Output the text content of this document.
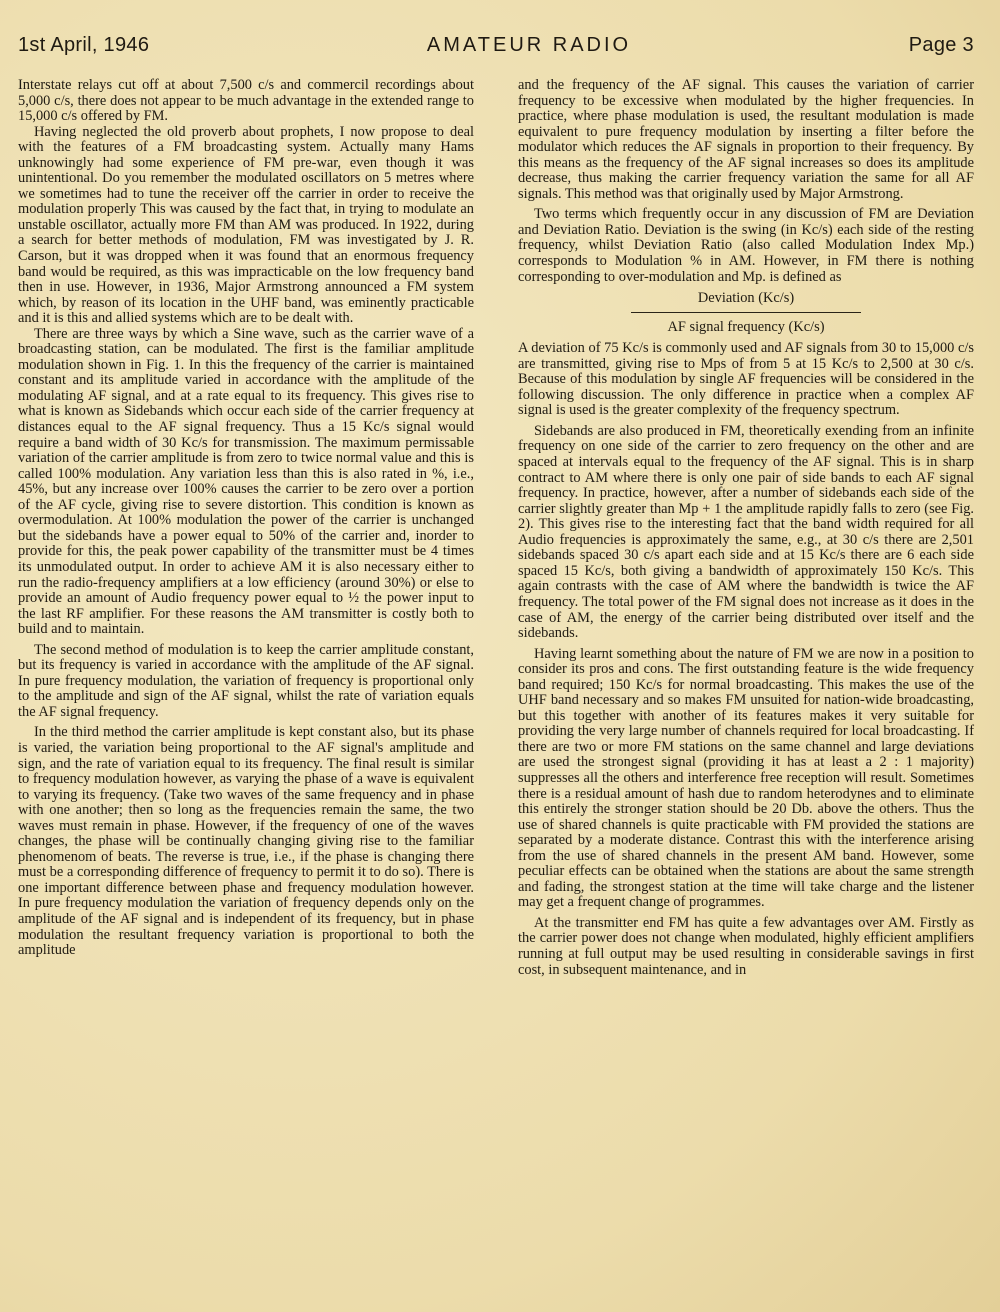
1st April, 1946	AMATEUR RADIO	Page 3

Interstate relays cut off at about 7,500 c/s and commercil recordings about 5,000 c/s, there does not appear to be much advantage in the extended range to 15,000 c/s offered by FM.

Having neglected the old proverb about prophets, I now propose to deal with the features of a FM broadcasting system. Actually many Hams unknowingly had some experience of FM pre-war, even though it was unintentional. Do you remember the modulated oscillators on 5 metres where we sometimes had to tune the receiver off the carrier in order to receive the modulation properly This was caused by the fact that, in trying to modulate an unstable oscillator, actually more FM than AM was produced. In 1922, during a search for better methods of modulation, FM was investigated by J. R. Carson, but it was dropped when it was found that an enormous frequency band would be required, as this was impracticable on the low frequency band then in use. However, in 1936, Major Armstrong announced a FM system which, by reason of its location in the UHF band, was eminently practicable and it is this and allied systems which are to be dealt with.

There are three ways by which a Sine wave, such as the carrier wave of a broadcasting station, can be modulated. The first is the familiar amplitude modulation shown in Fig. 1. In this the frequency of the carrier is maintained constant and its amplitude varied in accordance with the amplitude of the modulating AF signal, and at a rate equal to its frequency. This gives rise to what is known as Sidebands which occur each side of the carrier frequency at distances equal to the AF signal frequency. Thus a 15 Kc/s signal would require a band width of 30 Kc/s for transmission. The maximum permissable variation of the carrier amplitude is from zero to twice normal value and this is called 100% modulation. Any variation less than this is also rated in %, i.e., 45%, but any increase over 100% causes the carrier to be zero over a portion of the AF cycle, giving rise to severe distortion. This condition is known as overmodulation. At 100% modulation the power of the carrier is unchanged but the sidebands have a power equal to 50% of the carrier and, inorder to provide for this, the peak power capability of the transmitter must be 4 times its unmodulated output. In order to achieve AM it is also necessary either to run the radio-frequency amplifiers at a low efficiency (around 30%) or else to provide an amount of Audio frequency power equal to ½ the power input to the last RF amplifier. For these reasons the AM transmitter is costly both to build and to maintain.

The second method of modulation is to keep the carrier amplitude constant, but its frequency is varied in accordance with the amplitude of the AF signal. In pure frequency modulation, the variation of frequency is proportional only to the amplitude and sign of the AF signal, whilst the rate of variation equals the AF signal frequency.

In the third method the carrier amplitude is kept constant also, but its phase is varied, the variation being proportional to the AF signal's amplitude and sign, and the rate of variation equal to its frequency. The final result is similar to frequency modulation however, as varying the phase of a wave is equivalent to varying its frequency. (Take two waves of the same frequency and in phase with one another; then so long as the frequencies remain the same, the two waves must remain in phase. However, if the frequency of one of the waves changes, the phase will be continually changing giving rise to the familiar phenomenom of beats. The reverse is true, i.e., if the phase is changing there must be a corresponding difference of frequency to permit it to do so). There is one important difference between phase and frequency modulation however. In pure frequency modulation the variation of frequency depends only on the amplitude of the AF signal and is independent of its frequency, but in phase modulation the resultant frequency variation is proportional to both the amplitude

and the frequency of the AF signal. This causes the variation of carrier frequency to be excessive when modulated by the higher frequencies. In practice, where phase modulation is used, the resultant modulation is made equivalent to pure frequency modulation by inserting a filter before the modulator which reduces the AF signals in proportion to their frequency. By this means as the frequency of the AF signal increases so does its amplitude decrease, thus making the carrier frequency variation the same for all AF signals. This method was that originally used by Major Armstrong.

Two terms which frequently occur in any discussion of FM are Deviation and Deviation Ratio. Deviation is the swing (in Kc/s) each side of the resting frequency, whilst Deviation Ratio (also called Modulation Index Mp.) corresponds to Modulation % in AM. However, in FM there is nothing corresponding to over-modulation and Mp. is defined as

Deviation (Kc/s)
AF signal frequency (Kc/s)

A deviation of 75 Kc/s is commonly used and AF signals from 30 to 15,000 c/s are transmitted, giving rise to Mps of from 5 at 15 Kc/s to 2,500 at 30 c/s. Because of this modulation by single AF frequencies will be considered in the following discussion. The only difference in practice when a complex AF signal is used is the greater complexity of the frequency spectrum.

Sidebands are also produced in FM, theoretically exending from an infinite frequency on one side of the carrier to zero frequency on the other and are spaced at intervals equal to the frequency of the AF signal. This is in sharp contract to AM where there is only one pair of side bands to each AF signal frequency. In practice, however, after a number of sidebands each side of the carrier slightly greater than Mp + 1 the amplitude rapidly falls to zero (see Fig. 2). This gives rise to the interesting fact that the band width required for all Audio frequencies is approximately the same, e.g., at 30 c/s there are 2,501 sidebands spaced 30 c/s apart each side and at 15 Kc/s there are 6 each side spaced 15 Kc/s, both giving a bandwidth of approximately 150 Kc/s. This again contrasts with the case of AM where the bandwidth is twice the AF frequency. The total power of the FM signal does not increase as it does in the case of AM, the energy of the carrier being distributed over itself and the sidebands.

Having learnt something about the nature of FM we are now in a position to consider its pros and cons. The first outstanding feature is the wide frequency band required; 150 Kc/s for normal broadcasting. This makes the use of the UHF band necessary and so makes FM unsuited for nation-wide broadcasting, but this together with another of its features makes it very suitable for providing the very large number of channels required for local broadcasting. If there are two or more FM stations on the same channel and large deviations are used the strongest signal (providing it has at least a 2 : 1 majority) suppresses all the others and interference free reception will result. Sometimes there is a residual amount of hash due to random heterodynes and to eliminate this entirely the stronger station should be 20 Db. above the others. Thus the use of shared channels is quite practicable with FM provided the stations are separated by a moderate distance. Contrast this with the interference arising from the use of shared channels in the present AM band. However, some peculiar effects can be obtained when the stations are about the same strength and fading, the strongest station at the time will take charge and the listener may get a frequent change of programmes.

At the transmitter end FM has quite a few advantages over AM. Firstly as the carrier power does not change when modulated, highly efficient amplifiers running at full output may be used resulting in considerable savings in first cost, in subsequent maintenance, and in
